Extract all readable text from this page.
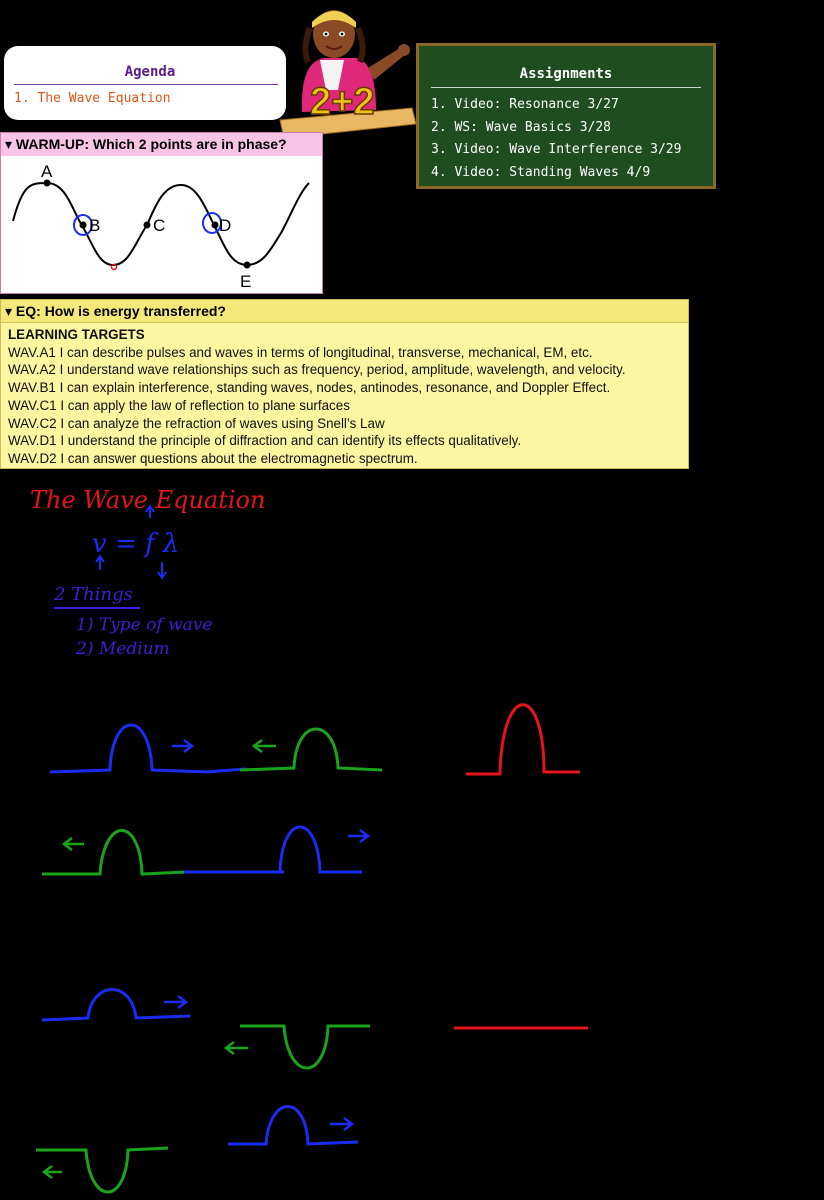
Agenda
1. The Wave Equation	2+2
Assignments
1. Video: Resonance 3/27
2. WS: Wave Basics 3/28
3. Video: Wave Interference 3/29
4. Video: Standing Waves 4/9
▾ WARM-UP: Which 2 points are in phase?
A
B	C	D
E
▾ EQ: How is energy transferred?
LEARNING TARGETS
WAV.A1 I can describe pulses and waves in terms of longitudinal, transverse, mechanical, EM, etc.
WAV.A2 I understand wave relationships such as frequency, period, amplitude, wavelength, and velocity.
WAV.B1 I can explain interference, standing waves, nodes, antinodes, resonance, and Doppler Effect.
WAV.C1 I can apply the law of reflection to plane surfaces
WAV.C2 I can analyze the refraction of waves using Snell’s Law
WAV.D1 I understand the principle of diffraction and can identify its effects qualitatively.
WAV.D2 I can answer questions about the electromagnetic spectrum.
The Wave Equation
v = f λ
2 Things
1) Type of wave
2) Medium
